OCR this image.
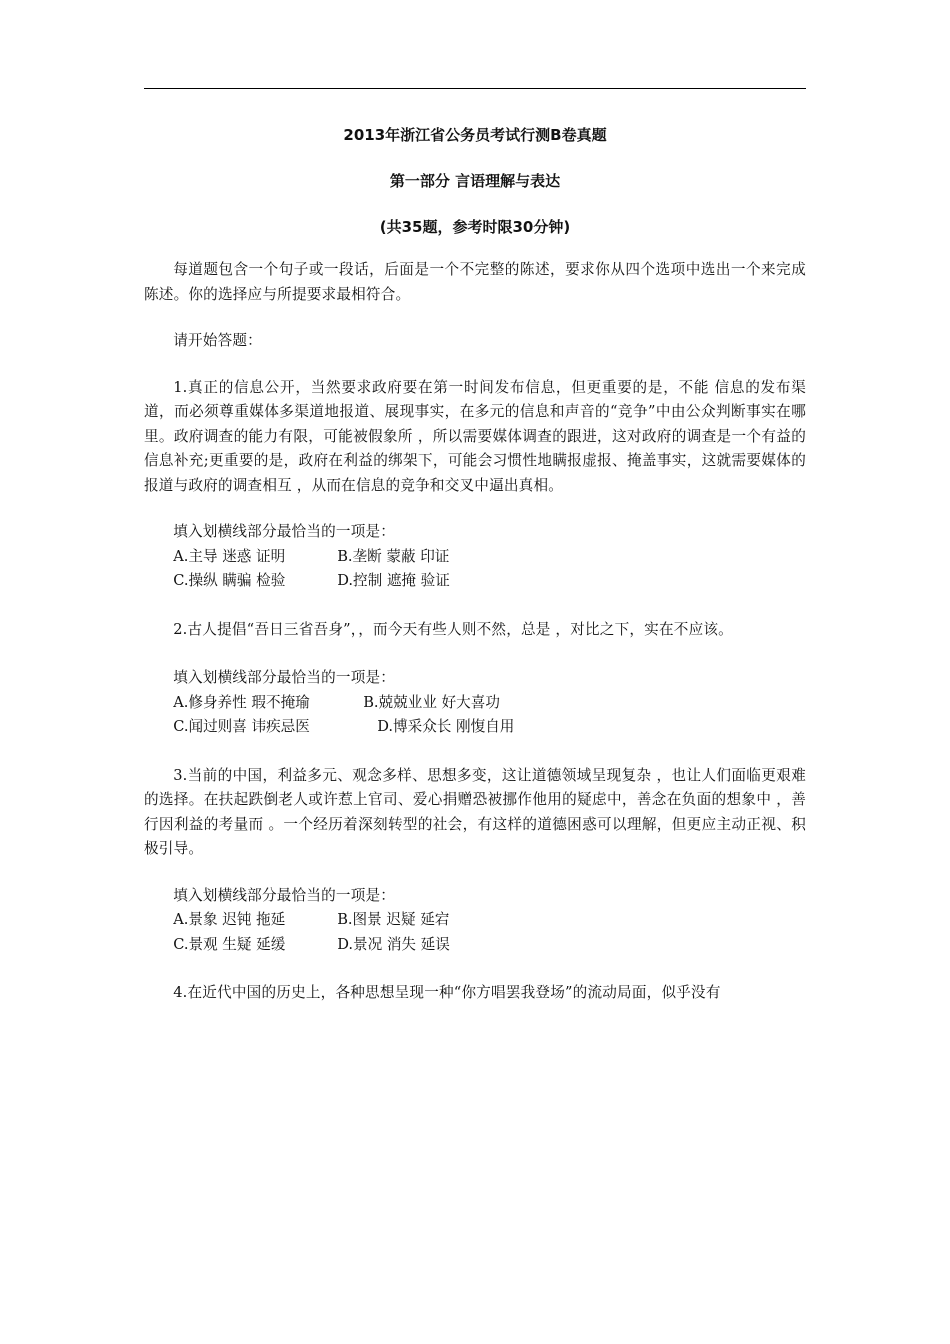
2013年浙江省公务员考试行测B卷真题

第一部分 言语理解与表达

(共35题，参考时限30分钟)

每道题包含一个句子或一段话，后面是一个不完整的陈述，要求你从四个选项中选出一个来完成陈述。你的选择应与所提要求最相符合。

请开始答题：

1.真正的信息公开，当然要求政府要在第一时间发布信息，但更重要的是，不能 信息的发布渠道，而必须尊重媒体多渠道地报道、展现事实，在多元的信息和声音的“竞争”中由公众判断事实在哪里。政府调查的能力有限，可能被假象所 ，所以需要媒体调查的跟进，这对政府的调查是一个有益的信息补充;更重要的是，政府在利益的绑架下，可能会习惯性地瞒报虚报、掩盖事实，这就需要媒体的报道与政府的调查相互 ，从而在信息的竞争和交叉中逼出真相。

填入划横线部分最恰当的一项是：

A.主导 迷惑 证明	B.垄断 蒙蔽 印证

C.操纵 瞒骗 检验	D.控制 遮掩 验证

2.古人提倡“吾日三省吾身”，，而今天有些人则不然，总是 ，对比之下，实在不应该。

填入划横线部分最恰当的一项是：

A.修身养性 瑕不掩瑜	B.兢兢业业 好大喜功

C.闻过则喜 讳疾忌医	D.博采众长 刚愎自用

3.当前的中国，利益多元、观念多样、思想多变，这让道德领域呈现复杂 ，也让人们面临更艰难的选择。在扶起跌倒老人或许惹上官司、爱心捐赠恐被挪作他用的疑虑中，善念在负面的想象中 ，善行因利益的考量而 。一个经历着深刻转型的社会，有这样的道德困惑可以理解，但更应主动正视、积极引导。

填入划横线部分最恰当的一项是：

A.景象 迟钝 拖延	B.图景 迟疑 延宕

C.景观 生疑 延缓	D.景况 消失 延误

4.在近代中国的历史上，各种思想呈现一种“你方唱罢我登场”的流动局面，似乎没有
